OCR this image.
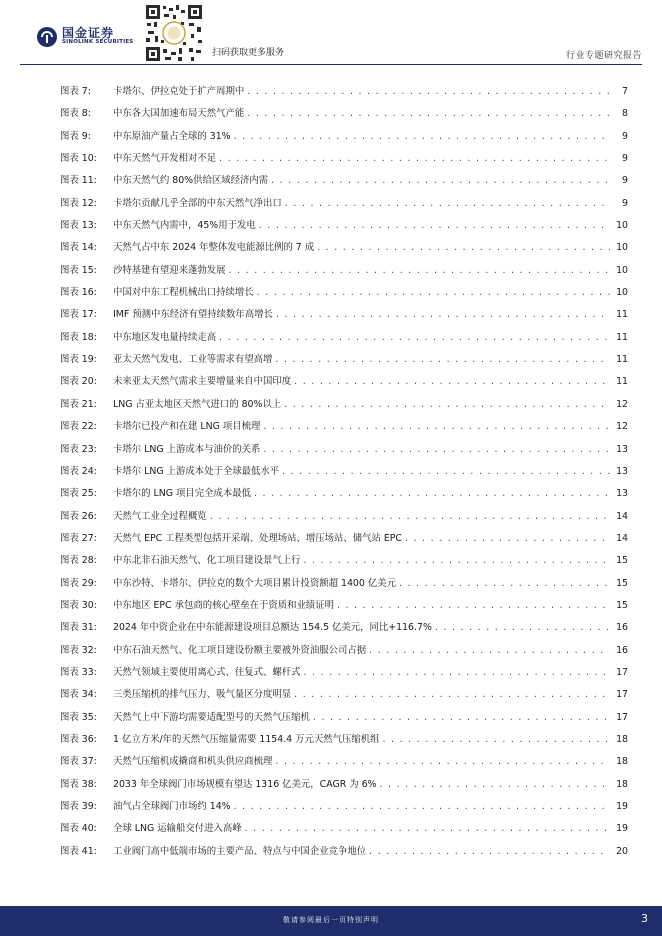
国金证券
SINOLINK SECURITIES
扫码获取更多服务	行业专题研究报告
图表 7:	卡塔尔、伊拉克处于扩产周期中 . . .	7
图表 8:	中东各大国加速布局天然气产能 . . .	8
图表 9:	中东原油产量占全球的 31% . . .	9
图表 10:	中东天然气开发相对不足 . . .	9
图表 11:	中东天然气约 80%供给区域经济内需 . . .	9
图表 12:	卡塔尔贡献几乎全部的中东天然气净出口 . . .	9
图表 13:	中东天然气内需中，45%用于发电 . . .	10
图表 14:	天然气占中东 2024 年整体发电能源比例的 7 成 . . .	10
图表 15:	沙特基建有望迎来蓬勃发展 . . .	10
图表 16:	中国对中东工程机械出口持续增长 . . .	10
图表 17:	IMF 预测中东经济有望持续数年高增长 . . .	11
图表 18:	中东地区发电量持续走高 . . .	11
图表 19:	亚太天然气发电、工业等需求有望高增 . . .	11
图表 20:	未来亚太天然气需求主要增量来自中国印度 . . .	11
图表 21:	LNG 占亚太地区天然气进口的 80%以上 . . .	12
图表 22:	卡塔尔已投产和在建 LNG 项目梳理 . . .	12
图表 23:	卡塔尔 LNG 上游成本与油价的关系 . . .	13
图表 24:	卡塔尔 LNG 上游成本处于全球最低水平 . . .	13
图表 25:	卡塔尔的 LNG 项目完全成本最低 . . .	13
图表 26:	天然气工业全过程概览 . . .	14
图表 27:	天然气 EPC 工程类型包括开采端、处理场站、增压场站、储气站 EPC . . .	14
图表 28:	中东北非石油天然气、化工项目建设景气上行 . . .	15
图表 29:	中东沙特、卡塔尔、伊拉克的数个大项目累计投资额超 1400 亿美元 . . .	15
图表 30:	中东地区 EPC 承包商的核心壁垒在于资质和业绩证明 . . .	15
图表 31:	2024 年中资企业在中东能源建设项目总额达 154.5 亿美元，同比+116.7% . . .	16
图表 32:	中东石油天然气、化工项目建设份额主要被外资油服公司占据 . . .	16
图表 33:	天然气领域主要使用离心式、往复式、螺杆式 . . .	17
图表 34:	三类压缩机的排气压力、吸气量区分度明显 . . .	17
图表 35:	天然气上中下游均需要适配型号的天然气压缩机 . . .	17
图表 36:	1 亿立方米/年的天然气压缩量需要 1154.4 万元天然气压缩机组 . . .	18
图表 37:	天然气压缩机成撬商和机头供应商梳理 . . .	18
图表 38:	2033 年全球阀门市场规模有望达 1316 亿美元，CAGR 为 6% . . .	18
图表 39:	油气占全球阀门市场约 14% . . .	19
图表 40:	全球 LNG 运输船交付进入高峰 . . .	19
图表 41:	工业阀门高中低端市场的主要产品、特点与中国企业竞争地位 . . .	20
敬请参阅最后一页特别声明	3
